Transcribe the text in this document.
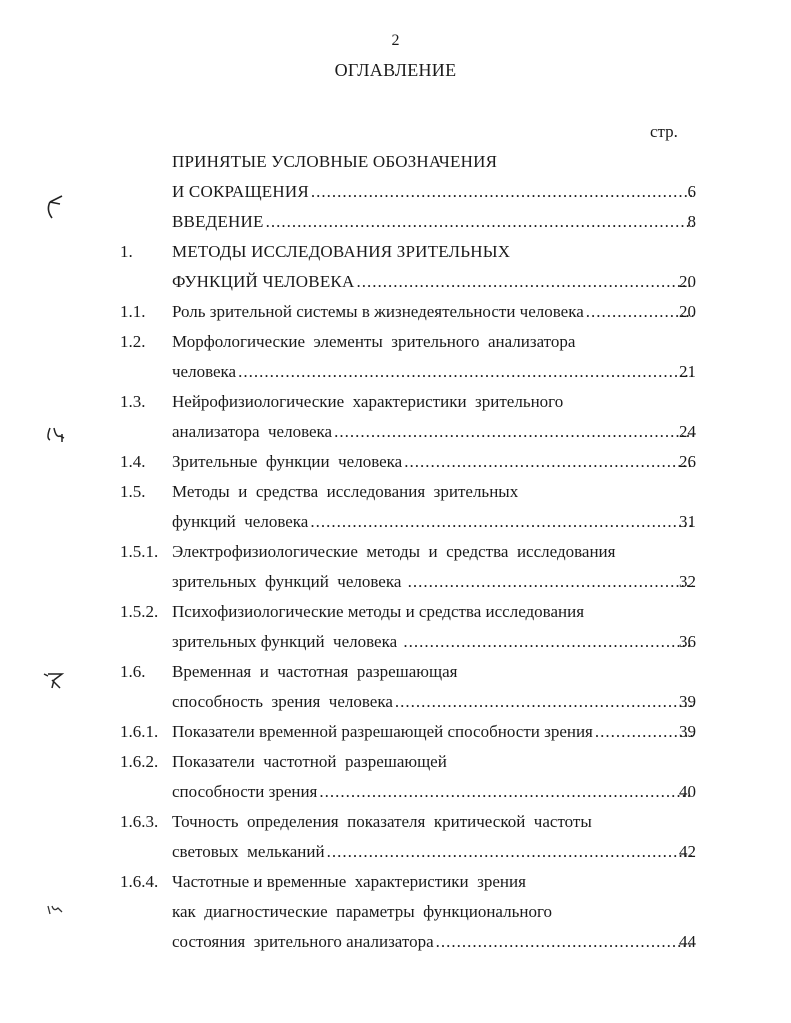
2
ОГЛАВЛЕНИЕ
стр.
ПРИНЯТЫЕ УСЛОВНЫЕ ОБОЗНАЧЕНИЯ
И СОКРАЩЕНИЯ .....	6
ВВЕДЕНИЕ .....	8
1. МЕТОДЫ ИССЛЕДОВАНИЯ ЗРИТЕЛЬНЫХ
ФУНКЦИЙ ЧЕЛОВЕКА .....	20
1.1. Роль зрительной системы в жизнедеятельности человека .....	20
1.2. Морфологические  элементы  зрительного  анализатора
человека .....	21
1.3. Нейрофизиологические  характеристики  зрительного
анализатора  человека .....	24
1.4. Зрительные  функции  человека .....	26
1.5. Методы  и  средства  исследования  зрительных
функций  человека .....	31
1.5.1. Электрофизиологические  методы  и  средства  исследования
зрительных  функций  человека .....	32
1.5.2. Психофизиологические методы и средства исследования
зрительных функций  человека .....	36
1.6. Временная  и  частотная  разрешающая
способность  зрения  человека .....	39
1.6.1. Показатели временной разрешающей способности зрения .....	39
1.6.2. Показатели  частотной  разрешающей
способности зрения .....	40
1.6.3. Точность  определения  показателя  критической  частоты
световых  мельканий .....	42
1.6.4. Частотные и временные  характеристики  зрения
как  диагностические  параметры  функционального
состояния  зрительного анализатора .....	44
